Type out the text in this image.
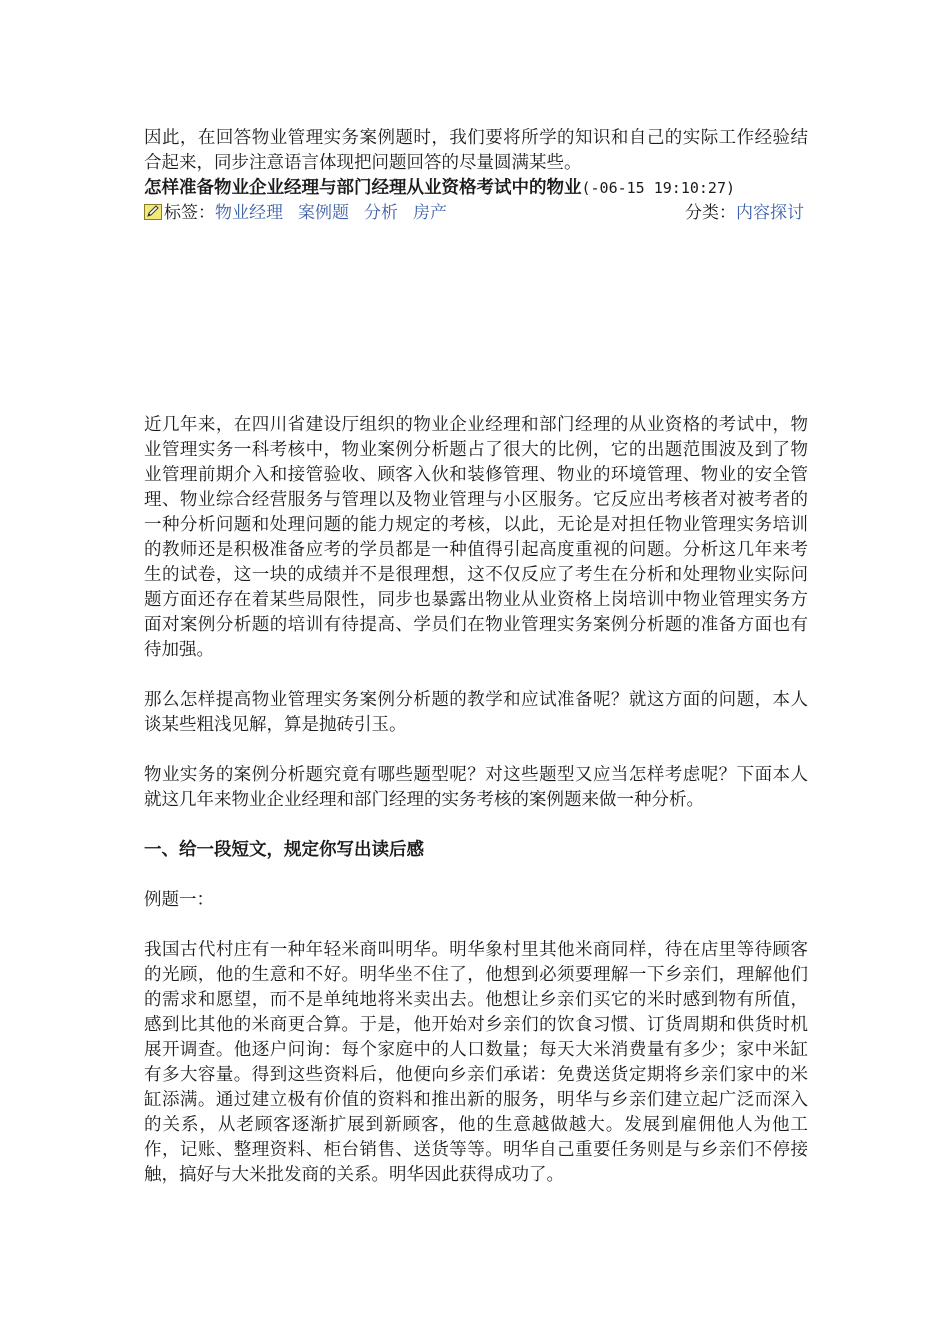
因此，在回答物业管理实务案例题时，我们要将所学的知识和自己的实际工作经验结合起来，同步注意语言体现把问题回答的尽量圆满某些。

怎样准备物业企业经理与部门经理从业资格考试中的物业(-06-15 19:10:27)
标签：物业经理 案例题 分析 房产	分类：内容探讨

近几年来，在四川省建设厅组织的物业企业经理和部门经理的从业资格的考试中，物业管理实务一科考核中，物业案例分析题占了很大的比例，它的出题范围波及到了物业管理前期介入和接管验收、顾客入伙和装修管理、物业的环境管理、物业的安全管理、物业综合经营服务与管理以及物业管理与小区服务。它反应出考核者对被考者的一种分析问题和处理问题的能力规定的考核，以此，无论是对担任物业管理实务培训的教师还是积极准备应考的学员都是一种值得引起高度重视的问题。分析这几年来考生的试卷，这一块的成绩并不是很理想，这不仅反应了考生在分析和处理物业实际问题方面还存在着某些局限性，同步也暴露出物业从业资格上岗培训中物业管理实务方面对案例分析题的培训有待提高、学员们在物业管理实务案例分析题的准备方面也有待加强。

那么怎样提高物业管理实务案例分析题的教学和应试准备呢？就这方面的问题，本人谈某些粗浅见解，算是抛砖引玉。

物业实务的案例分析题究竟有哪些题型呢？对这些题型又应当怎样考虑呢？下面本人就这几年来物业企业经理和部门经理的实务考核的案例题来做一种分析。

一、给一段短文，规定你写出读后感

例题一：

我国古代村庄有一种年轻米商叫明华。明华象村里其他米商同样，待在店里等待顾客的光顾，他的生意和不好。明华坐不住了，他想到必须要理解一下乡亲们，理解他们的需求和愿望，而不是单纯地将米卖出去。他想让乡亲们买它的米时感到物有所值，感到比其他的米商更合算。于是，他开始对乡亲们的饮食习惯、订货周期和供货时机展开调查。他逐户问询：每个家庭中的人口数量；每天大米消费量有多少；家中米缸有多大容量。得到这些资料后，他便向乡亲们承诺：免费送货定期将乡亲们家中的米缸添满。通过建立极有价值的资料和推出新的服务，明华与乡亲们建立起广泛而深入的关系，从老顾客逐渐扩展到新顾客，他的生意越做越大。发展到雇佣他人为他工作，记账、整理资料、柜台销售、送货等等。明华自己重要任务则是与乡亲们不停接触，搞好与大米批发商的关系。明华因此获得成功了。
